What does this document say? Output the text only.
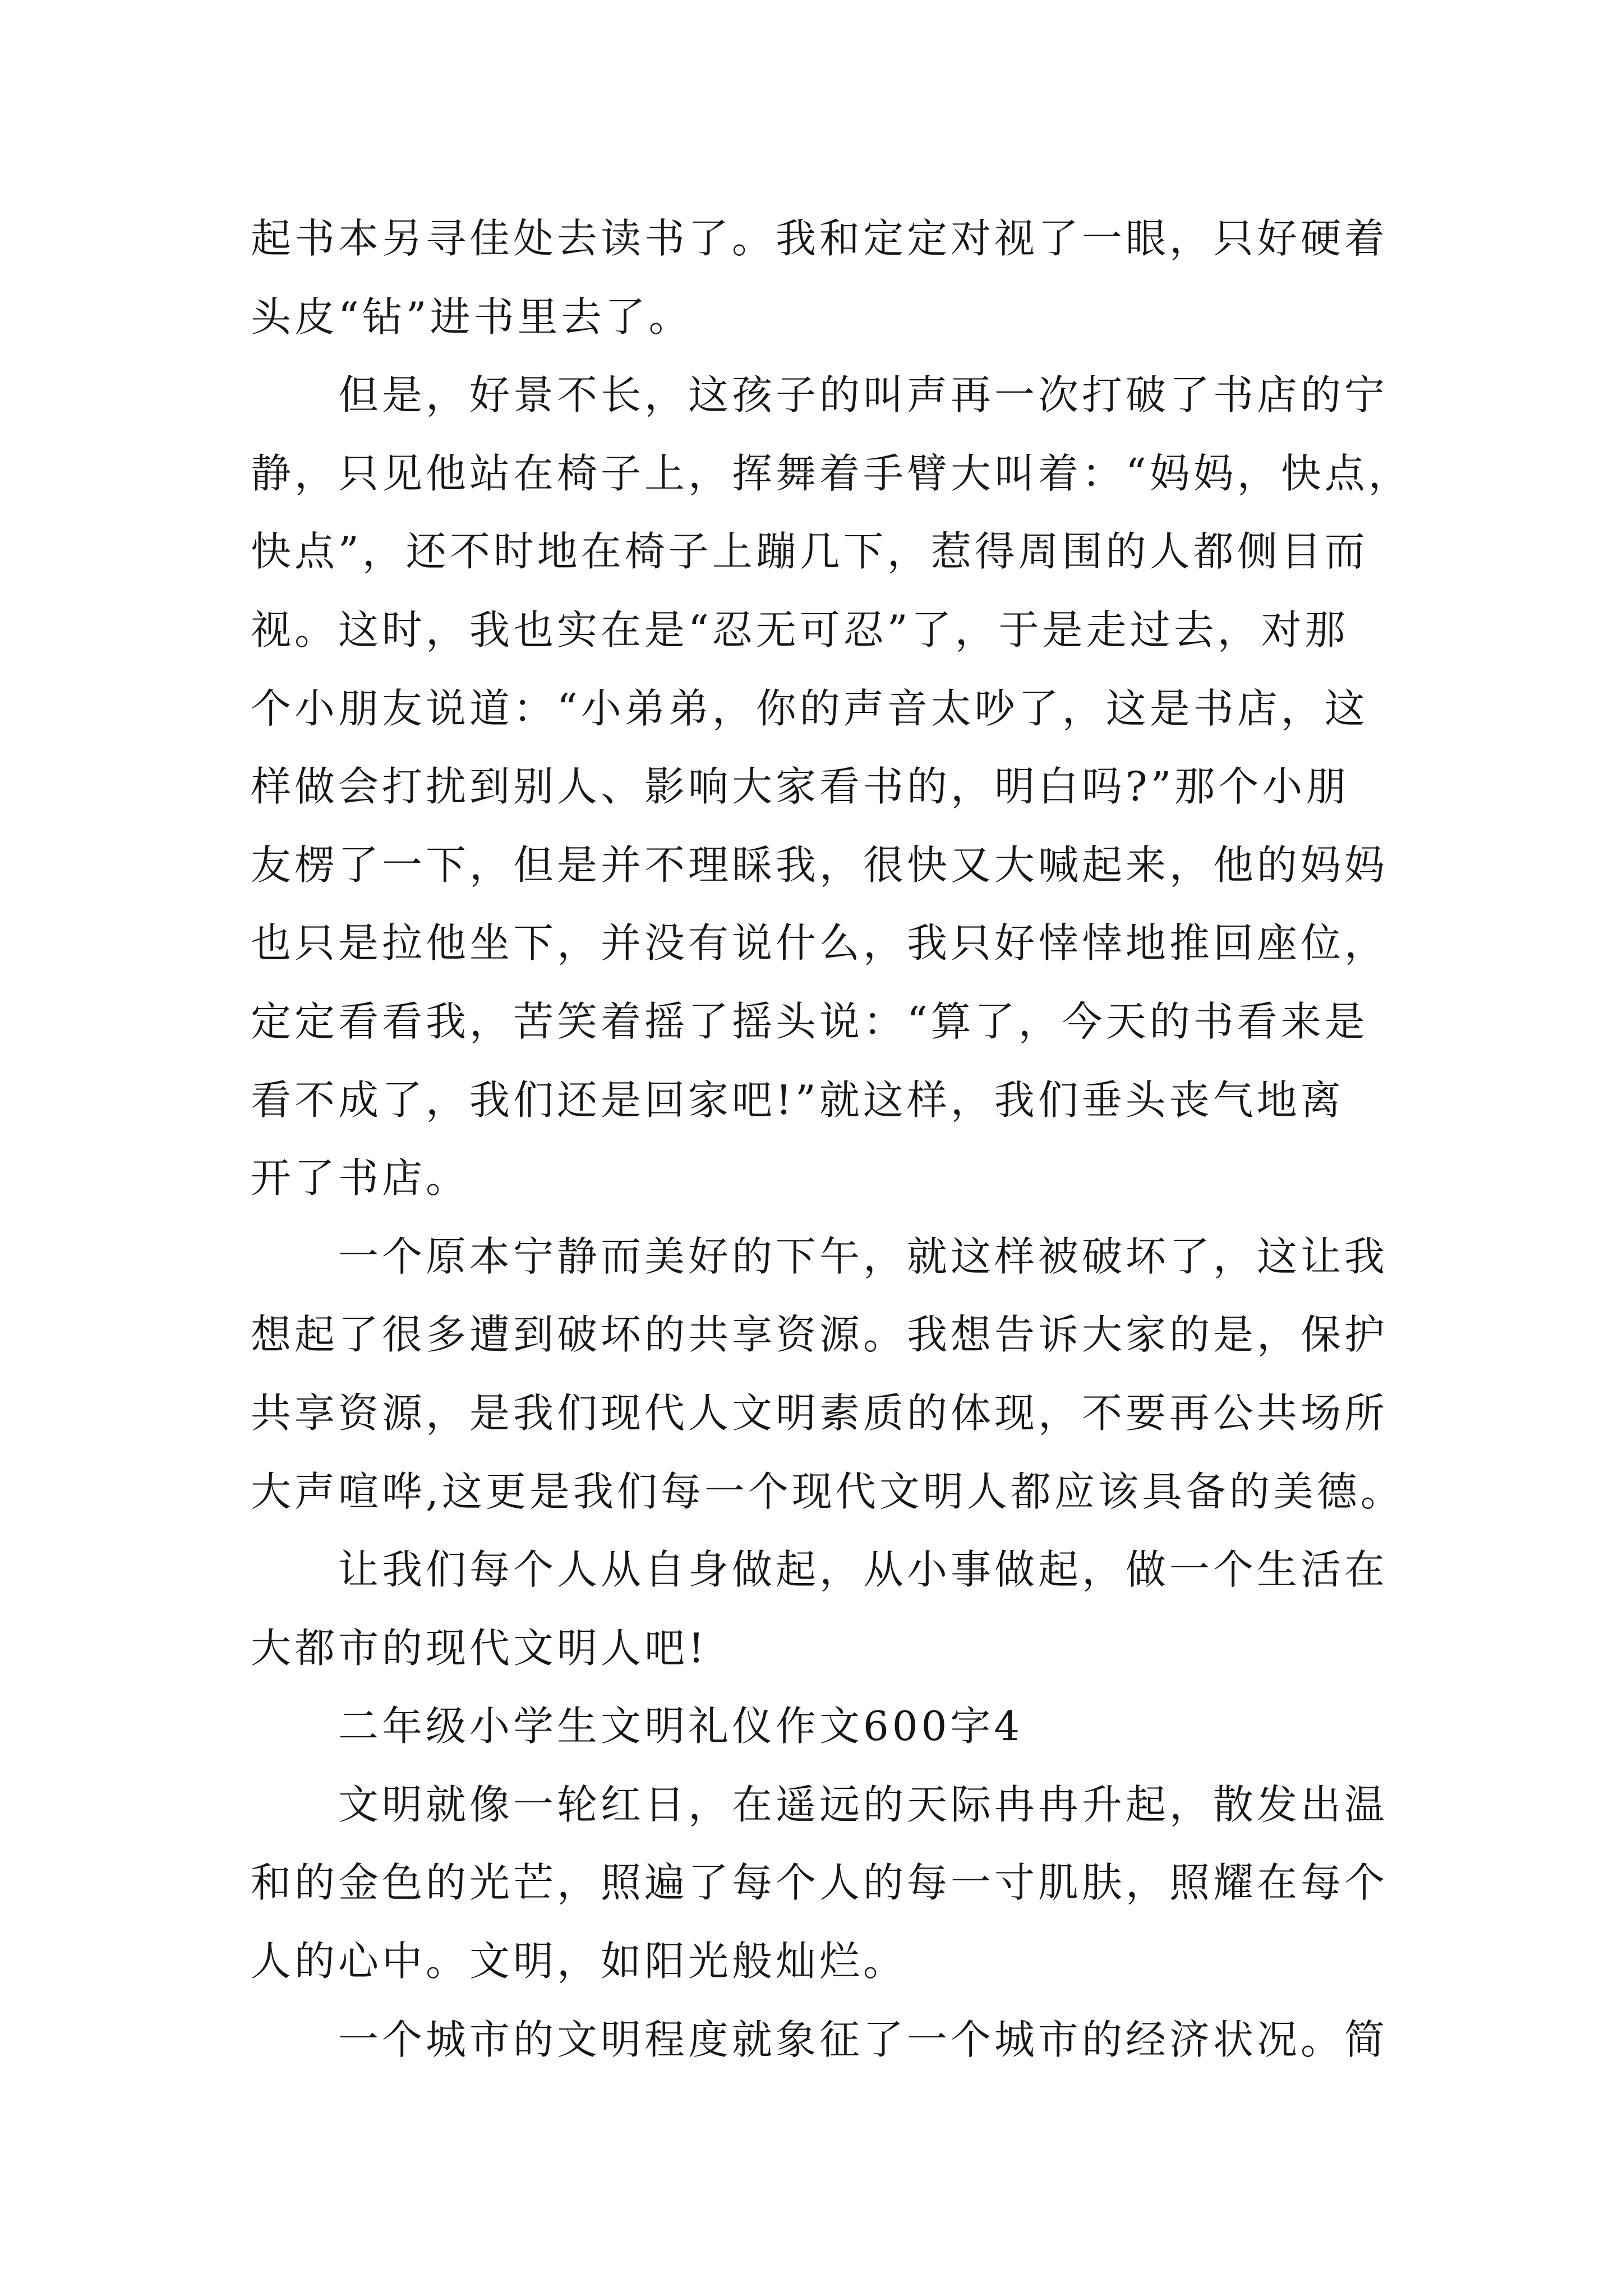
起书本另寻佳处去读书了。我和定定对视了一眼，只好硬着
头皮“钻”进书里去了。
但是，好景不长，这孩子的叫声再一次打破了书店的宁
静，只见他站在椅子上，挥舞着手臂大叫着：“妈妈，快点，
快点”，还不时地在椅子上蹦几下，惹得周围的人都侧目而
视。这时，我也实在是“忍无可忍”了，于是走过去，对那
个小朋友说道：“小弟弟，你的声音太吵了，这是书店，这
样做会打扰到别人、影响大家看书的，明白吗?”那个小朋
友楞了一下，但是并不理睬我，很快又大喊起来，他的妈妈
也只是拉他坐下，并没有说什么，我只好悻悻地推回座位，
定定看看我，苦笑着摇了摇头说：“算了，今天的书看来是
看不成了，我们还是回家吧!”就这样，我们垂头丧气地离
开了书店。
一个原本宁静而美好的下午，就这样被破坏了，这让我
想起了很多遭到破坏的共享资源。我想告诉大家的是，保护
共享资源，是我们现代人文明素质的体现，不要再公共场所
大声喧哗,这更是我们每一个现代文明人都应该具备的美德。
让我们每个人从自身做起，从小事做起，做一个生活在
大都市的现代文明人吧!
二年级小学生文明礼仪作文600字4
文明就像一轮红日，在遥远的天际冉冉升起，散发出温
和的金色的光芒，照遍了每个人的每一寸肌肤，照耀在每个
人的心中。文明，如阳光般灿烂。
一个城市的文明程度就象征了一个城市的经济状况。简
